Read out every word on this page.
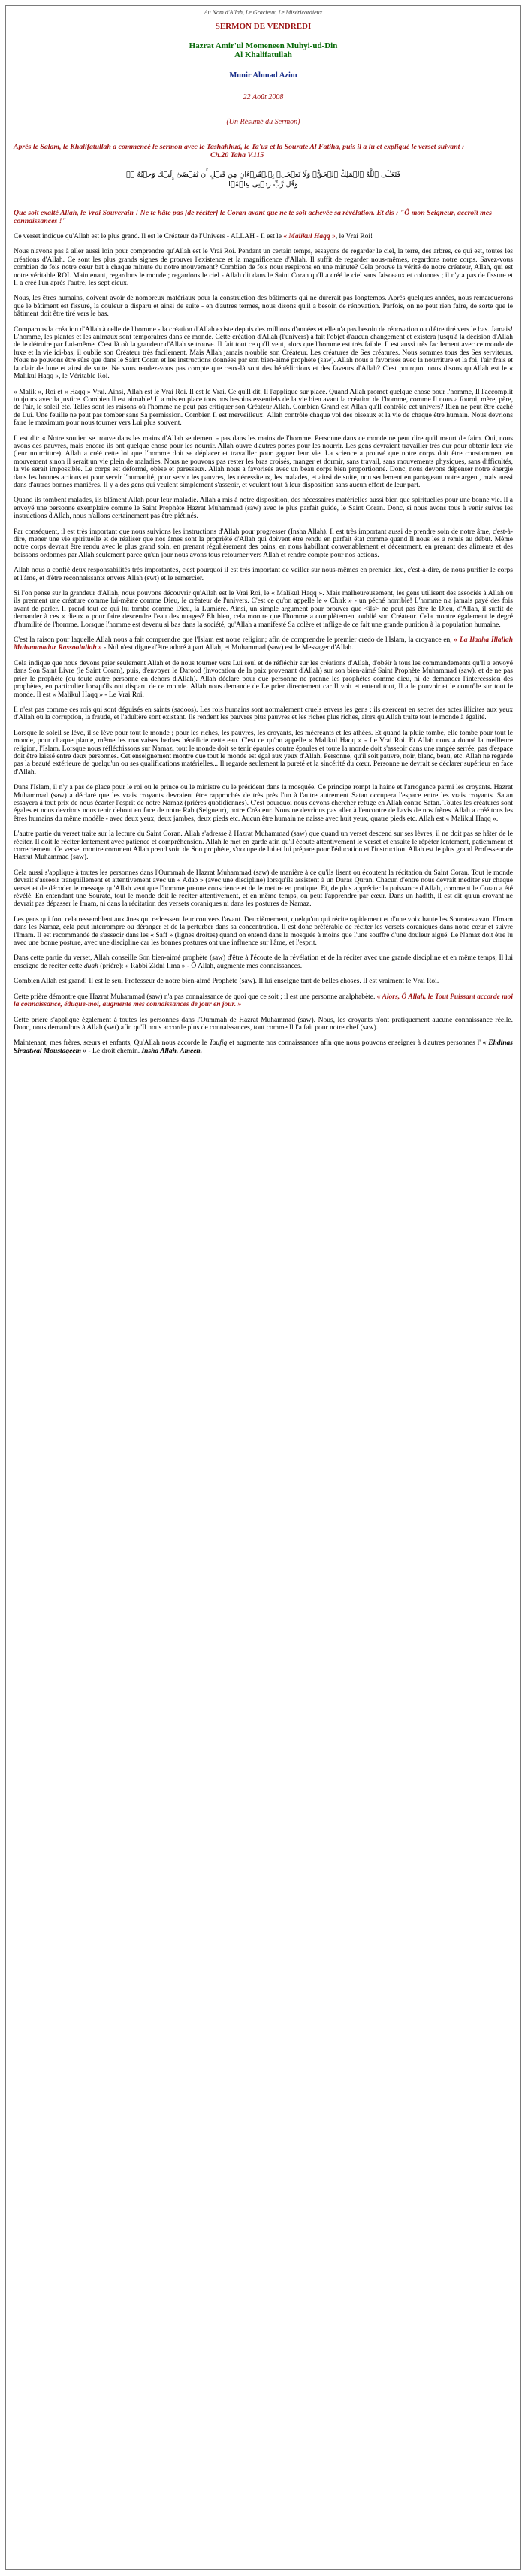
Au Nom d'Allah, Le Gracieux, Le Miséricordieux
SERMON DE VENDREDI
Hazrat Amir'ul Momeneen Muhyi-ud-Din
Al Khalifatullah
Munir Ahmad Azim
22 Août 2008
(Un Résumé du Sermon)
Après le Salam, le Khalifatullah a commencé le sermon avec le Tashahhud, le Ta'uz et la Sourate Al Fatiha, puis il a lu et expliqué le verset suivant :
Ch.20 Taha V.115
فَتَعَـٰلَى ٱللَّهُ ٱلۡمَلِكُ ٱلۡحَقُّ‌ۗ وَلَا تَعۡجَلۡ بِٱلۡقُرۡءَانِ مِن قَبۡلِ أَن يُقۡضَىٰٓ إِلَيۡكَ وَحۡيُهُ ۥ‌ۖ وَقُل رَّبِّ زِدۡنِى عِلۡمً۬ا
Que soit exalté Allah, le Vrai Souverain ! Ne te hâte pas [de réciter] le Coran avant que ne te soit achevée sa révélation. Et dis : "Ô mon Seigneur, accroît mes connaissances !"

Ce verset indique qu'Allah est le plus grand. Il est le Créateur de l'Univers - ALLAH - Il est le « Malikul Haqq », le Vrai Roi!

Nous n'avons pas à aller aussi loin pour comprendre qu'Allah est le Vrai Roi. Pendant un certain temps, essayons de regarder le ciel, la terre, des arbres, ce qui est, toutes les créations d'Allah. Ce sont les plus grands signes de prouver l'existence et la magnificence d'Allah. Il suffit de regarder nous-mêmes, regardons notre corps. Savez-vous combien de fois notre cœur bat à chaque minute du notre mouvement? Combien de fois nous respirons en une minute? Cela prouve la vérité de notre créateur, Allah, qui est notre véritable ROI. Maintenant, regardons le monde ; regardons le ciel - Allah dit dans le Saint Coran qu'Il a créé le ciel sans faisceaux et colonnes ; il n'y a pas de fissure et Il a créé l'un après l'autre, les sept cieux.

Nous, les êtres humains, doivent avoir de nombreux matériaux pour la construction des bâtiments qui ne durerait pas longtemps. Après quelques années, nous remarquerons que le bâtiment est fissuré, la couleur a disparu et ainsi de suite - en d'autres termes, nous disons qu'il a besoin de rénovation. Parfois, on ne peut rien faire, de sorte que le bâtiment doit être tiré vers le bas.

Comparons la création d'Allah à celle de l'homme - la création d'Allah existe depuis des millions d'années et elle n'a pas besoin de rénovation ou d'être tiré vers le bas. Jamais! L'homme, les plantes et les animaux sont temporaires dans ce monde. Cette création d'Allah (l'univers) a fait l'objet d'aucun changement et existera jusqu'à la décision d'Allah de le détruire par Lui-même. C'est là où la grandeur d'Allah se trouve. Il fait tout ce qu'Il veut, alors que l'homme est très faible. Il est aussi très facilement avec ce monde de luxe et la vie ici-bas, il oublie son Créateur très facilement. Mais Allah jamais n'oublie son Créateur. Les créatures de Ses créatures. Nous sommes tous des Ses serviteurs. Nous ne pouvons être sûrs que dans le Saint Coran et les instructions données par son bien-aimé prophète (saw). Allah nous a favorisés avec la nourriture et la foi, l'air frais et la clair de lune et ainsi de suite. Ne vous rendez-vous pas compte que ceux-là sont des bénédictions et des faveurs d'Allah? C'est pourquoi nous disons qu'Allah est le « Malikul Haqq », le Véritable Roi.

« Malik », Roi et « Haqq » Vrai. Ainsi, Allah est le Vrai Roi. Il est le Vrai. Ce qu'Il dit, Il l'applique sur place. Quand Allah promet quelque chose pour l'homme, Il l'accomplit toujours avec la justice. Combien Il est aimable! Il a mis en place tous nos besoins essentiels de la vie bien avant la création de l'homme, comme Il nous a fourni, mère, père, de l'air, le soleil etc. Telles sont les raisons où l'homme ne peut pas critiquer son Créateur Allah. Combien Grand est Allah qu'Il contrôle cet univers? Rien ne peut être caché de Lui. Une feuille ne peut pas tomber sans Sa permission. Combien Il est merveilleux! Allah contrôle chaque vol des oiseaux et la vie de chaque être humain. Nous devrions faire le maximum pour nous tourner vers Lui plus souvent.

Il est dit: « Notre soutien se trouve dans les mains d'Allah seulement - pas dans les mains de l'homme. Personne dans ce monde ne peut dire qu'il meurt de faim. Oui, nous avons des pauvres, mais encore ils ont quelque chose pour les nourrir. Allah ouvre d'autres portes pour les nourrir. Les gens devraient travailler très dur pour obtenir leur vie (leur nourriture). Allah a créé cette loi que l'homme doit se déplacer et travailler pour gagner leur vie. La science a prouvé que notre corps doit être constamment en mouvement sinon il serait un vie plein de maladies. Nous ne pouvons pas rester les bras croisés, manger et dormir, sans travail, sans mouvements physiques, sans difficultés, la vie serait impossible. Le corps est déformé, obèse et paresseux. Allah nous a favorisés avec un beau corps bien proportionné. Donc, nous devons dépenser notre énergie dans les bonnes actions et pour servir l'humanité, pour servir les pauvres, les nécessiteux, les malades, et ainsi de suite, non seulement en partageant notre argent, mais aussi dans d'autres bonnes manières. Il y a des gens qui veulent simplement s'asseoir, et veulent tout à leur disposition sans aucun effort de leur part.

Quand ils tombent malades, ils blâment Allah pour leur maladie. Allah a mis à notre disposition, des nécessaires matérielles aussi bien que spirituelles pour une bonne vie. Il a envoyé une personne exemplaire comme le Saint Prophète Hazrat Muhammad (saw) avec le plus parfait guide, le Saint Coran. Donc, si nous avons tous à venir suivre les instructions d'Allah, nous n'allons certainement pas être piétinés.

Par conséquent, il est très important que nous suivions les instructions d'Allah pour progresser (Insha Allah). Il est très important aussi de prendre soin de notre âme, c'est-à-dire, mener une vie spirituelle et de réaliser que nos âmes sont la propriété d'Allah qui doivent être rendu en parfait état comme quand Il nous les a remis au début. Même notre corps devrait être rendu avec le plus grand soin, en prenant régulièrement des bains, en nous habillant convenablement et décemment, en prenant des aliments et des boissons ordonnés par Allah seulement parce qu'un jour nous avons tous retourner vers Allah et rendre compte pour nos actions.

Allah nous a confié deux responsabilités très importantes, c'est pourquoi il est très important de veiller sur nous-mêmes en premier lieu, c'est-à-dire, de nous purifier le corps et l'âme, et d'être reconnaissants envers Allah (swt) et le remercier.

Si l'on pense sur la grandeur d'Allah, nous pouvons découvrir qu'Allah est le Vrai Roi, le « Malikul Haqq ». Mais malheureusement, les gens utilisent des associés à Allah ou ils prennent une créature comme lui-même comme Dieu, le créateur de l'univers. C'est ce qu'on appelle le « Chirk » - un péché horrible! L'homme n'a jamais payé des fois avant de parler. Il prend tout ce qui lui tombe comme Dieu, la Lumière. Ainsi, un simple argument pour prouver que <ils> ne peut pas être le Dieu, d'Allah, il suffit de demander à ces « dieux » pour faire descendre l'eau des nuages? Eh bien, cela montre que l'homme a complètement oublié son Créateur. Cela montre également le degré d'humilité de l'homme. Lorsque l'homme est devenu si bas dans la société, qu'Allah a manifesté Sa colère et inflige de ce fait une grande punition à la population humaine.

C'est la raison pour laquelle Allah nous a fait comprendre que l'Islam est notre religion; afin de comprendre le premier credo de l'Islam, la croyance en, « La Ilaaha Illallah Muhammadur Rassoolullah » - Nul n'est digne d'être adoré à part Allah, et Muhammad (saw) est le Messager d'Allah.

Cela indique que nous devons prier seulement Allah et de nous tourner vers Lui seul et de réfléchir sur les créations d'Allah, d'obéir à tous les commandements qu'Il a envoyé dans Son Saint Livre (le Saint Coran), puis, d'envoyer le Darood (invocation de la paix provenant d'Allah) sur son bien-aimé Saint Prophète Muhammad (saw), et de ne pas prier le prophète (ou toute autre personne en dehors d'Allah). Allah déclare pour que personne ne prenne les prophètes comme dieu, ni de demander l'intercession des prophètes, en particulier lorsqu'ils ont disparu de ce monde. Allah nous demande de Le prier directement car Il voit et entend tout, Il a le pouvoir et le contrôle sur tout le monde. Il est « Malikul Haqq » - Le Vrai Roi.

Il n'est pas comme ces rois qui sont déguisés en saints (sadoos). Les rois humains sont normalement cruels envers les gens ; ils exercent en secret des actes illicites aux yeux d'Allah où la corruption, la fraude, et l'adultère sont existant. Ils rendent les pauvres plus pauvres et les riches plus riches, alors qu'Allah traite tout le monde à égalité.

Lorsque le soleil se lève, il se lève pour tout le monde ; pour les riches, les pauvres, les croyants, les mécréants et les athées. Et quand la pluie tombe, elle tombe pour tout le monde, pour chaque plante, même les mauvaises herbes bénéficie cette eau. C'est ce qu'on appelle « Malikul Haqq » - Le Vrai Roi. Et Allah nous a donné la meilleure religion, l'Islam. Lorsque nous réfléchissons sur Namaz, tout le monde doit se tenir épaules contre épaules et toute la monde doit s'asseoir dans une rangée serrée, pas d'espace doit être laissé entre deux personnes. Cet enseignement montre que tout le monde est égal aux yeux d'Allah. Personne, qu'il soit pauvre, noir, blanc, beau, etc. Allah ne regarde pas la beauté extérieure de quelqu'un ou ses qualifications matérielles... Il regarde seulement la pureté et la sincérité du cœur. Personne ne devrait se déclarer supérieur en face d'Allah.

Dans l'Islam, il n'y a pas de place pour le roi ou le prince ou le ministre ou le président dans la mosquée. Ce principe rompt la haine et l'arrogance parmi les croyants. Hazrat Muhammad (saw) a déclaré que les vrais croyants devraient être rapprochés de très près l'un à l'autre autrement Satan occupera l'espace entre les vrais croyants. Satan essayera à tout prix de nous écarter l'esprit de notre Namaz (prières quotidiennes). C'est pourquoi nous devons chercher refuge en Allah contre Satan. Toutes les créatures sont égales et nous devrions nous tenir debout en face de notre Rab (Seigneur), notre Créateur. Nous ne devrions pas aller à l'encontre de l'avis de nos frères. Allah a créé tous les êtres humains du même modèle - avec deux yeux, deux jambes, deux pieds etc. Aucun être humain ne naisse avec huit yeux, quatre pieds etc. Allah est « Malikul Haqq ».

L'autre partie du verset traite sur la lecture du Saint Coran. Allah s'adresse à Hazrat Muhammad (saw) que quand un verset descend sur ses lèvres, il ne doit pas se hâter de le réciter. Il doit le réciter lentement avec patience et compréhension. Allah le met en garde afin qu'il écoute attentivement le verset et ensuite le répéter lentement, patiemment et correctement. Ce verset montre comment Allah prend soin de Son prophète, s'occupe de lui et lui prépare pour l'éducation et l'instruction. Allah est le plus grand Professeur de Hazrat Muhammad (saw).

Cela aussi s'applique à toutes les personnes dans l'Oummah de Hazrat Muhammad (saw) de manière à ce qu'ils lisent ou écoutent la récitation du Saint Coran. Tout le monde devrait s'asseoir tranquillement et attentivement avec un « Adab » (avec une discipline) lorsqu'ils assistent à un Daras Quran. Chacun d'entre nous devrait méditer sur chaque verset et de décoder le message qu'Allah veut que l'homme prenne conscience et de le mettre en pratique. Et, de plus apprécier la puissance d'Allah, comment le Coran a été révélé. En entendant une Sourate, tout le monde doit le réciter attentivement, et en même temps, on peut l'apprendre par cœur. Dans un hadith, il est dit qu'un croyant ne devrait pas dépasser le Imam, ni dans la récitation des versets coraniques ni dans les postures de Namaz.

Les gens qui font cela ressemblent aux ânes qui redressent leur cou vers l'avant. Deuxièmement, quelqu'un qui récite rapidement et d'une voix haute les Sourates avant l'Imam dans les Namaz, cela peut interrompre ou déranger et de la perturber dans sa concentration. Il est donc préférable de réciter les versets coraniques dans notre cœur et suivre l'Imam. Il est recommandé de s'asseoir dans les « Saff » (lignes droites) quand on entend dans la mosquée à moins que l'une souffre d'une douleur aiguë. Le Namaz doit être lu avec une bonne posture, avec une discipline car les bonnes postures ont une influence sur l'âme, et l'esprit.

Dans cette partie du verset, Allah conseille Son bien-aimé prophète (saw) d'être à l'écoute de la révélation et de la réciter avec une grande discipline et en même temps, Il lui enseigne de réciter cette duah (prière): « Rabbi Zidni Ilma » - Ô Allah, augmente mes connaissances.

Combien Allah est grand! Il est le seul Professeur de notre bien-aimé Prophète (saw). Il lui enseigne tant de belles choses. Il est vraiment le Vrai Roi.

Cette prière démontre que Hazrat Muhammad (saw) n'a pas connaissance de quoi que ce soit ; il est une personne analphabète. « Alors, Ô Allah, le Tout Puissant accorde moi la connaissance, éduque-moi, augmente mes connaissances de jour en jour. »

Cette prière s'applique également à toutes les personnes dans l'Oummah de Hazrat Muhammad (saw). Nous, les croyants n'ont pratiquement aucune connaissance réelle. Donc, nous demandons à Allah (swt) afin qu'Il nous accorde plus de connaissances, tout comme Il l'a fait pour notre chef (saw).

Maintenant, mes frères, sœurs et enfants, Qu'Allah nous accorde le Taufiq et augmente nos connaissances afin que nous pouvons enseigner à d'autres personnes l' « Ehdinas Siraatwal Moustaqeem » - Le droit chemin. Insha Allah. Ameen.
